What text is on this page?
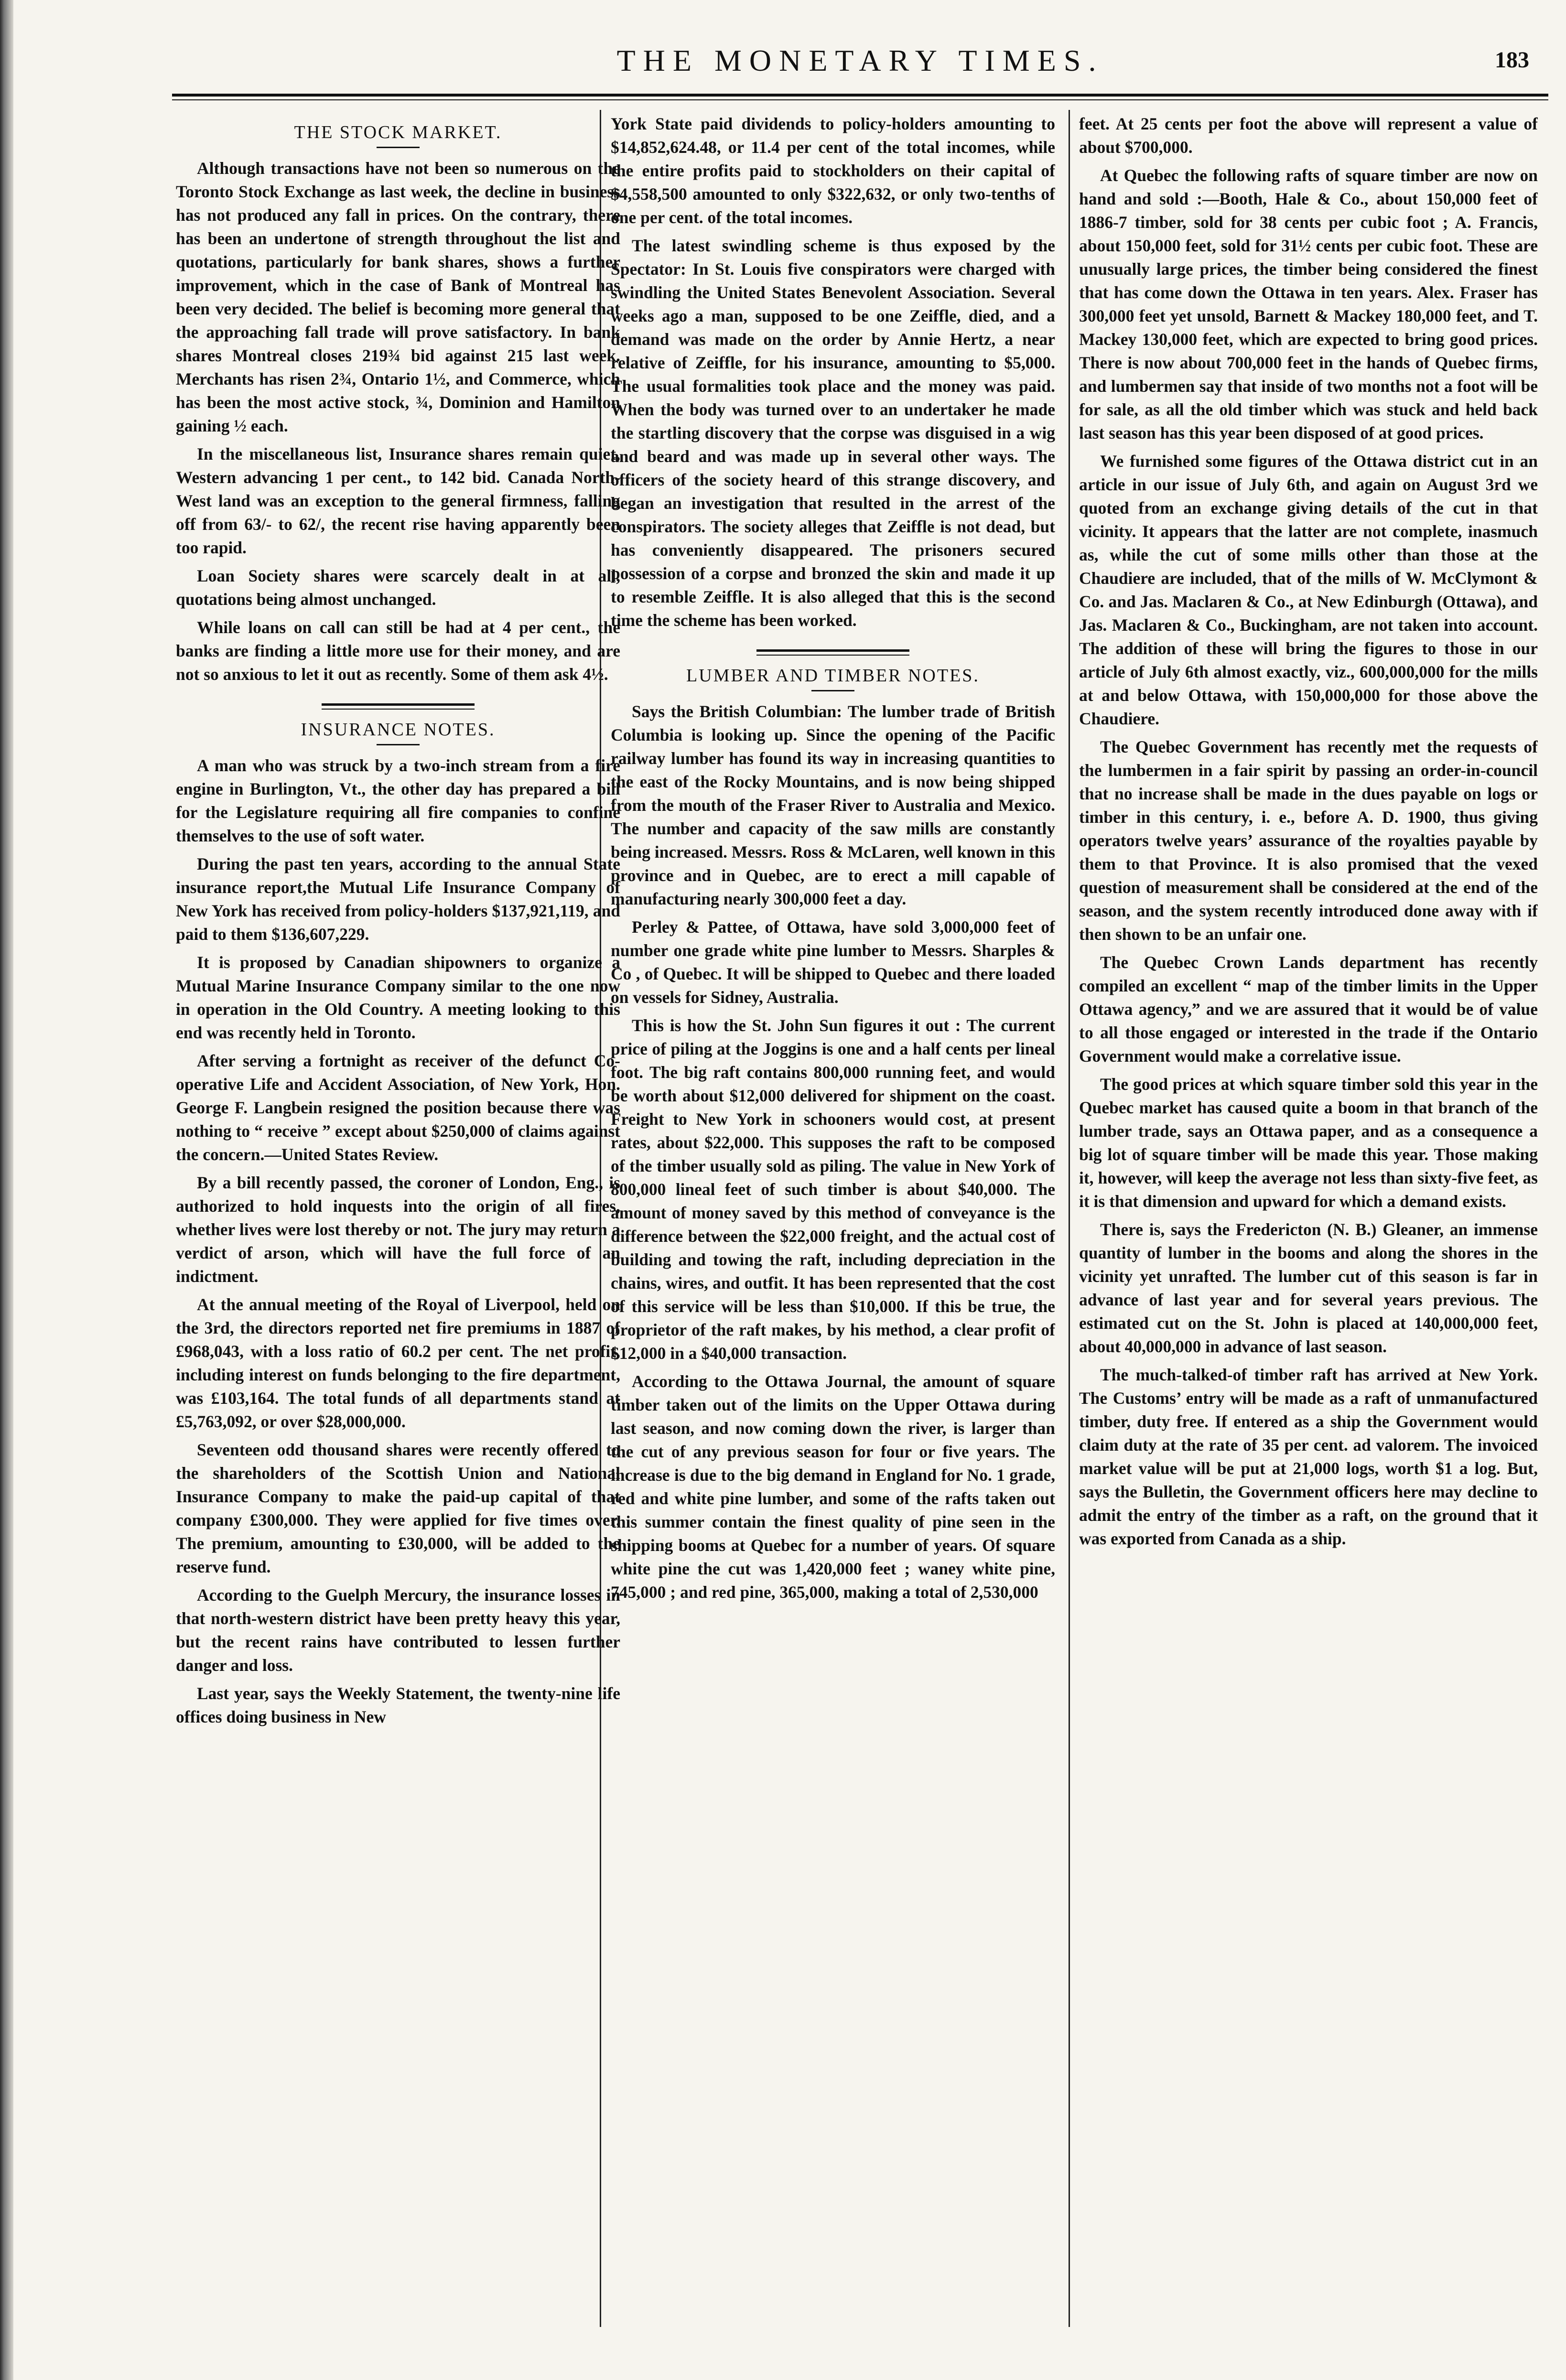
THE MONETARY TIMES.	183
THE STOCK MARKET.

Although transactions have not been so numerous on the Toronto Stock Exchange as last week, the decline in business has not produced any fall in prices. On the contrary, there has been an undertone of strength throughout the list and quotations, particularly for bank shares, shows a further improvement, which in the case of Bank of Montreal has been very decided. The belief is becoming more general that the approaching fall trade will prove satisfactory. In bank shares Montreal closes 219¾ bid against 215 last week. Merchants has risen 2¾, Ontario 1½, and Commerce, which has been the most active stock, ¾, Dominion and Hamilton gaining ½ each.

In the miscellaneous list, Insurance shares remain quiet, Western advancing 1 per cent., to 142 bid. Canada North-West land was an exception to the general firmness, falling off from 63/- to 62/, the recent rise having apparently been too rapid.

Loan Society shares were scarcely dealt in at all, quotations being almost unchanged.

While loans on call can still be had at 4 per cent., the banks are finding a little more use for their money, and are not so anxious to let it out as recently. Some of them ask 4½.

INSURANCE NOTES.

A man who was struck by a two-inch stream from a fire engine in Burlington, Vt., the other day has prepared a bill for the Legislature requiring all fire companies to confine themselves to the use of soft water.

During the past ten years, according to the annual State insurance report,the Mutual Life Insurance Company of New York has received from policy-holders $137,921,119, and paid to them $136,607,229.

It is proposed by Canadian shipowners to organize a Mutual Marine Insurance Company similar to the one now in operation in the Old Country. A meeting looking to this end was recently held in Toronto.

After serving a fortnight as receiver of the defunct Co-operative Life and Accident Association, of New York, Hon. George F. Langbein resigned the position because there was nothing to “ receive ” except about $250,000 of claims against the concern.—United States Review.

By a bill recently passed, the coroner of London, Eng., is authorized to hold inquests into the origin of all fires, whether lives were lost thereby or not. The jury may return a verdict of arson, which will have the full force of an indictment.

At the annual meeting of the Royal of Liverpool, held on the 3rd, the directors reported net fire premiums in 1887 of £968,043, with a loss ratio of 60.2 per cent. The net profit, including interest on funds belonging to the fire department, was £103,164. The total funds of all departments stand at £5,763,092, or over $28,000,000.

Seventeen odd thousand shares were recently offered to the shareholders of the Scottish Union and National Insurance Company to make the paid-up capital of that company £300,000. They were applied for five times over. The premium, amounting to £30,000, will be added to the reserve fund.

According to the Guelph Mercury, the insurance losses in that north-western district have been pretty heavy this year, but the recent rains have contributed to lessen further danger and loss.

Last year, says the Weekly Statement, the twenty-nine life offices doing business in New

York State paid dividends to policy-holders amounting to $14,852,624.48, or 11.4 per cent of the total incomes, while the entire profits paid to stockholders on their capital of $4,558,500 amounted to only $322,632, or only two-tenths of one per cent. of the total incomes.

The latest swindling scheme is thus exposed by the Spectator: In St. Louis five conspirators were charged with swindling the United States Benevolent Association. Several weeks ago a man, supposed to be one Zeiffle, died, and a demand was made on the order by Annie Hertz, a near relative of Zeiffle, for his insurance, amounting to $5,000. The usual formalities took place and the money was paid. When the body was turned over to an undertaker he made the startling discovery that the corpse was disguised in a wig and beard and was made up in several other ways. The officers of the society heard of this strange discovery, and began an investigation that resulted in the arrest of the conspirators. The society alleges that Zeiffle is not dead, but has conveniently disappeared. The prisoners secured possession of a corpse and bronzed the skin and made it up to resemble Zeiffle. It is also alleged that this is the second time the scheme has been worked.

LUMBER AND TIMBER NOTES.

Says the British Columbian: The lumber trade of British Columbia is looking up. Since the opening of the Pacific railway lumber has found its way in increasing quantities to the east of the Rocky Mountains, and is now being shipped from the mouth of the Fraser River to Australia and Mexico. The number and capacity of the saw mills are constantly being increased. Messrs. Ross & McLaren, well known in this province and in Quebec, are to erect a mill capable of manufacturing nearly 300,000 feet a day.

Perley & Pattee, of Ottawa, have sold 3,000,000 feet of number one grade white pine lumber to Messrs. Sharples & Co , of Quebec. It will be shipped to Quebec and there loaded on vessels for Sidney, Australia.

This is how the St. John Sun figures it out : The current price of piling at the Joggins is one and a half cents per lineal foot. The big raft contains 800,000 running feet, and would be worth about $12,000 delivered for shipment on the coast. Freight to New York in schooners would cost, at present rates, about $22,000. This supposes the raft to be composed of the timber usually sold as piling. The value in New York of 800,000 lineal feet of such timber is about $40,000. The amount of money saved by this method of conveyance is the difference between the $22,000 freight, and the actual cost of building and towing the raft, including depreciation in the chains, wires, and outfit. It has been represented that the cost of this service will be less than $10,000. If this be true, the proprietor of the raft makes, by his method, a clear profit of $12,000 in a $40,000 transaction.

According to the Ottawa Journal, the amount of square timber taken out of the limits on the Upper Ottawa during last season, and now coming down the river, is larger than the cut of any previous season for four or five years. The increase is due to the big demand in England for No. 1 grade, red and white pine lumber, and some of the rafts taken out this summer contain the finest quality of pine seen in the shipping booms at Quebec for a number of years. Of square white pine the cut was 1,420,000 feet ; waney white pine, 745,000 ; and red pine, 365,000, making a total of 2,530,000

feet. At 25 cents per foot the above will represent a value of about $700,000.

At Quebec the following rafts of square timber are now on hand and sold :—Booth, Hale & Co., about 150,000 feet of 1886-7 timber, sold for 38 cents per cubic foot ; A. Francis, about 150,000 feet, sold for 31½ cents per cubic foot. These are unusually large prices, the timber being considered the finest that has come down the Ottawa in ten years. Alex. Fraser has 300,000 feet yet unsold, Barnett & Mackey 180,000 feet, and T. Mackey 130,000 feet, which are expected to bring good prices. There is now about 700,000 feet in the hands of Quebec firms, and lumbermen say that inside of two months not a foot will be for sale, as all the old timber which was stuck and held back last season has this year been disposed of at good prices.

We furnished some figures of the Ottawa district cut in an article in our issue of July 6th, and again on August 3rd we quoted from an exchange giving details of the cut in that vicinity. It appears that the latter are not complete, inasmuch as, while the cut of some mills other than those at the Chaudiere are included, that of the mills of W. McClymont & Co. and Jas. Maclaren & Co., at New Edinburgh (Ottawa), and Jas. Maclaren & Co., Buckingham, are not taken into account. The addition of these will bring the figures to those in our article of July 6th almost exactly, viz., 600,000,000 for the mills at and below Ottawa, with 150,000,000 for those above the Chaudiere.

The Quebec Government has recently met the requests of the lumbermen in a fair spirit by passing an order-in-council that no increase shall be made in the dues payable on logs or timber in this century, i. e., before A. D. 1900, thus giving operators twelve years’ assurance of the royalties payable by them to that Province. It is also promised that the vexed question of measurement shall be considered at the end of the season, and the system recently introduced done away with if then shown to be an unfair one.

The Quebec Crown Lands department has recently compiled an excellent “ map of the timber limits in the Upper Ottawa agency,” and we are assured that it would be of value to all those engaged or interested in the trade if the Ontario Government would make a correlative issue.

The good prices at which square timber sold this year in the Quebec market has caused quite a boom in that branch of the lumber trade, says an Ottawa paper, and as a consequence a big lot of square timber will be made this year. Those making it, however, will keep the average not less than sixty-five feet, as it is that dimension and upward for which a demand exists.

There is, says the Fredericton (N. B.) Gleaner, an immense quantity of lumber in the booms and along the shores in the vicinity yet unrafted. The lumber cut of this season is far in advance of last year and for several years previous. The estimated cut on the St. John is placed at 140,000,000 feet, about 40,000,000 in advance of last season.

The much-talked-of timber raft has arrived at New York. The Customs’ entry will be made as a raft of unmanufactured timber, duty free. If entered as a ship the Government would claim duty at the rate of 35 per cent. ad valorem. The invoiced market value will be put at 21,000 logs, worth $1 a log. But, says the Bulletin, the Government officers here may decline to admit the entry of the timber as a raft, on the ground that it was exported from Canada as a ship.
